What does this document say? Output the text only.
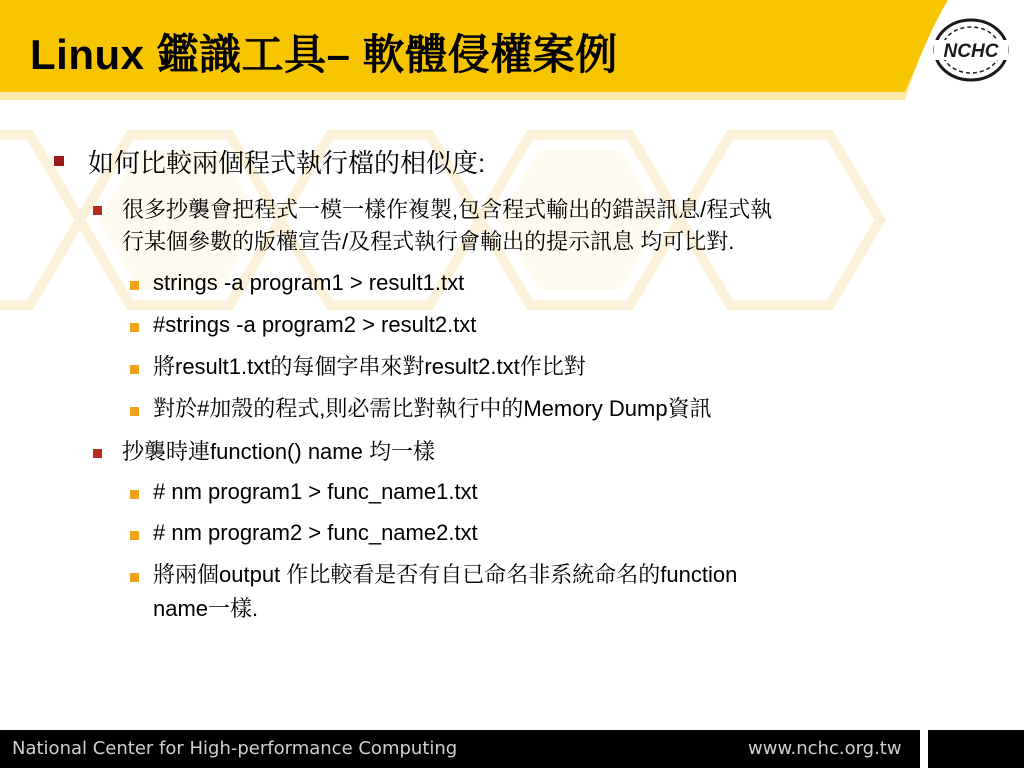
Linux 鑑識工具– 軟體侵權案例	NCHC
如何比較兩個程式執行檔的相似度:
很多抄襲會把程式一模一樣作複製,包含程式輸出的錯誤訊息/程式執
行某個參數的版權宣告/及程式執行會輸出的提示訊息 均可比對.
strings -a program1 > result1.txt
#strings -a program2 > result2.txt
將result1.txt的每個字串來對result2.txt作比對
對於#加殼的程式,則必需比對執行中的Memory Dump資訊
抄襲時連function() name 均一樣
# nm program1 > func_name1.txt
# nm program2 > func_name2.txt
將兩個output 作比較看是否有自已命名非系統命名的function
name一樣.
National Center for High-performance Computing	www.nchc.org.tw
